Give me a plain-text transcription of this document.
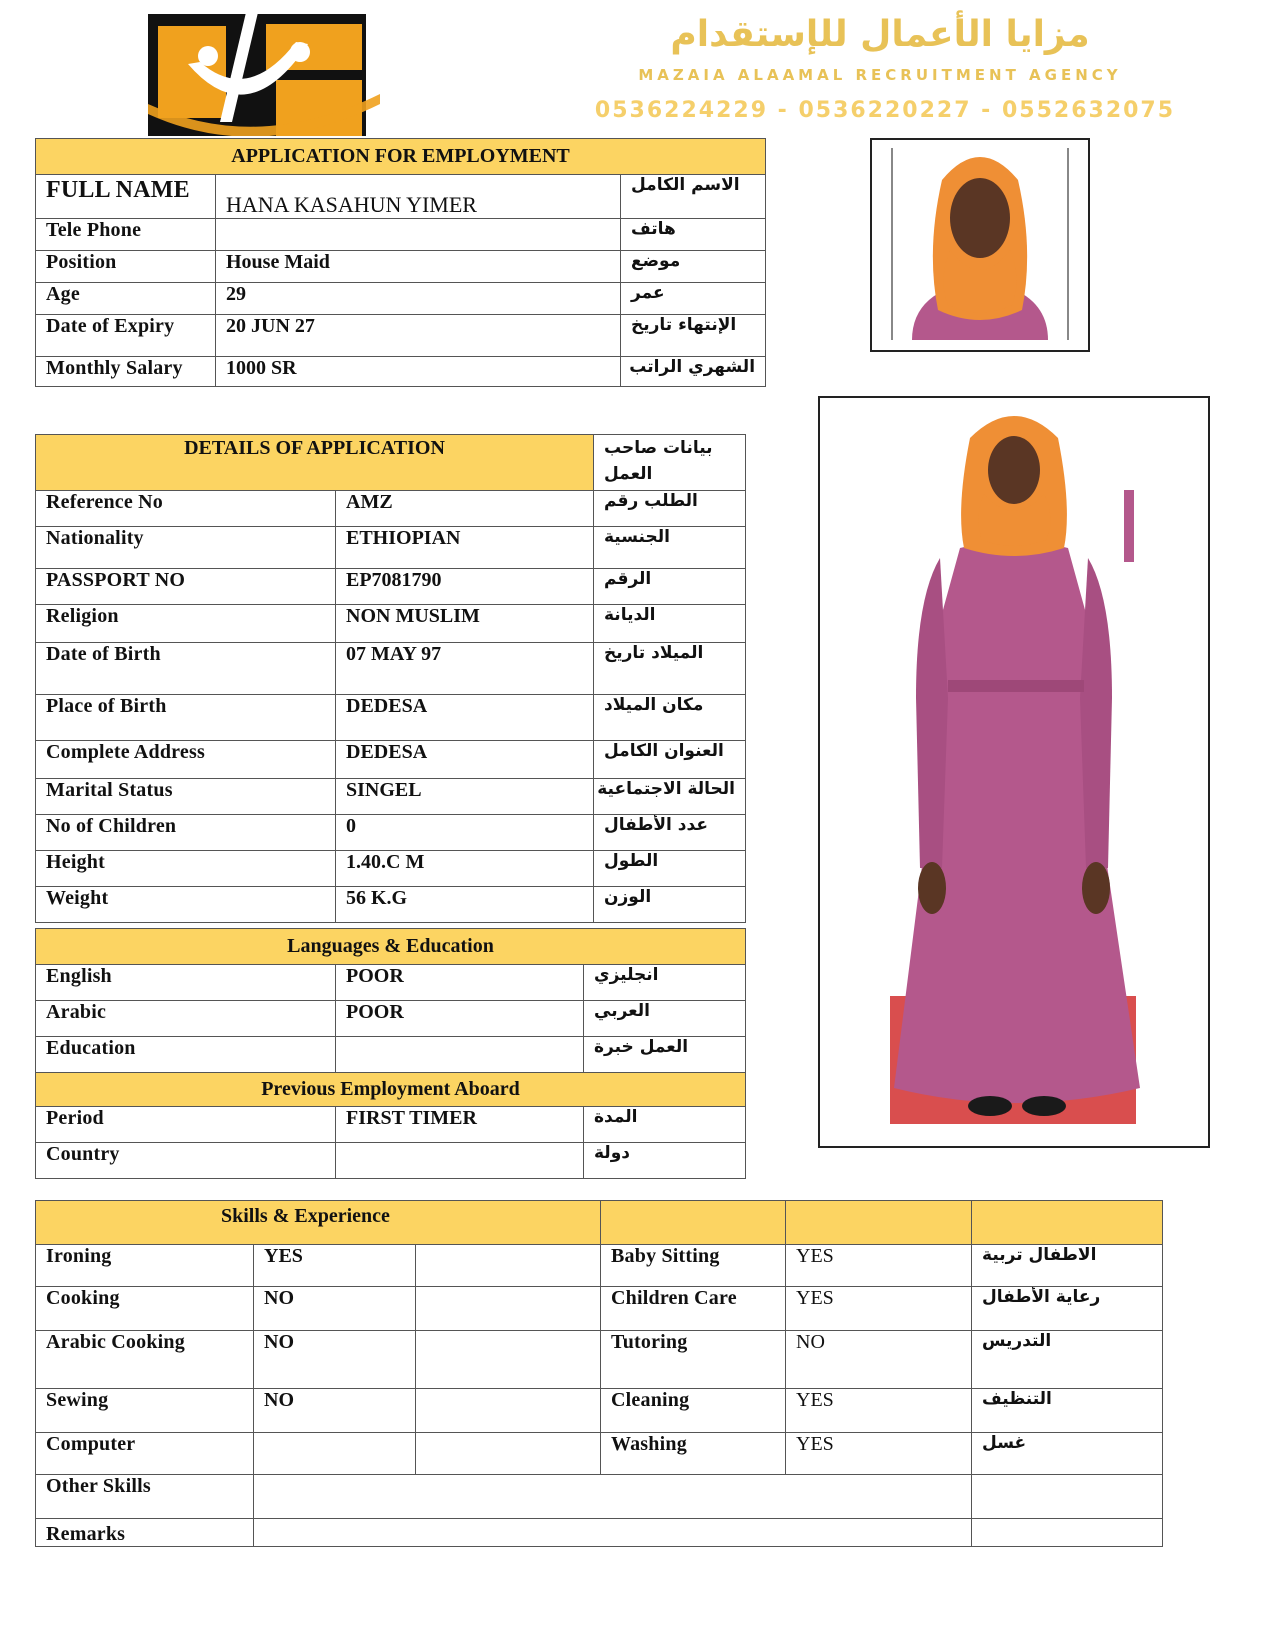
مزايا الأعمال للإستقدام
MAZAIA ALAAMAL RECRUITMENT AGENCY
0536224229 - 0536220227 - 0552632075
APPLICATION FOR EMPLOYMENT		
FULL NAME	HANA KASAHUN YIMER	الاسم الكامل
Tele Phone		هاتف
Position	House Maid	موضع
Age	29	عمر
Date of Expiry	20 JUN 27	الإنتهاء تاريخ
Monthly Salary	1000 SR	الشهري الراتب
DETAILS OF APPLICATION		بيانات صاحب العمل
Reference No	AMZ	الطلب رقم
Nationality	ETHIOPIAN	الجنسية
PASSPORT NO	EP7081790	الرقم
Religion	NON MUSLIM	الديانة
Date of Birth	07 MAY 97	الميلاد تاريخ
Place of Birth	DEDESA	مكان الميلاد
Complete Address	DEDESA	العنوان الكامل
Marital Status	SINGEL	الحالة الاجتماعية
No of Children	0	عدد الأطفال
Height	1.40.C M	الطول
Weight	56 K.G	الوزن
Languages & Education		
English	POOR	انجليزي
Arabic	POOR	العربي
Education		العمل خبرة
Previous Employment Aboard		
Period	FIRST TIMER	المدة
Country		دولة
Skills & Experience					
Ironing	YES		Baby Sitting	YES	الاطفال تربية
Cooking	NO		Children Care	YES	رعاية الأطفال
Arabic Cooking	NO		Tutoring	NO	التدريس
Sewing	NO		Cleaning	YES	التنظيف
Computer			Washing	YES	غسل
Other Skills					
Remarks					
